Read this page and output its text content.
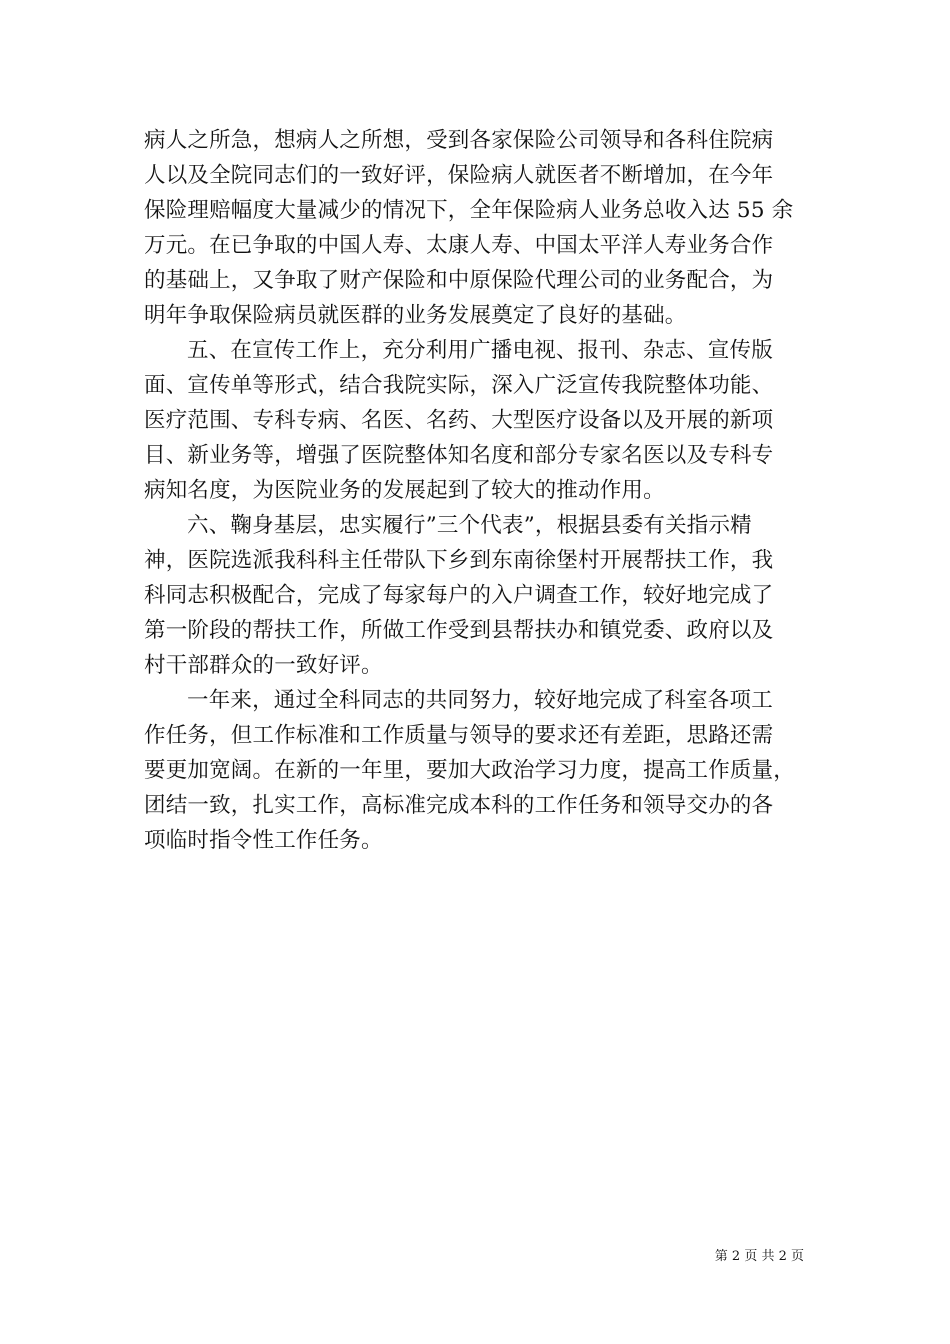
病人之所急，想病人之所想，受到各家保险公司领导和各科住院病
人以及全院同志们的一致好评，保险病人就医者不断增加，在今年
保险理赔幅度大量减少的情况下，全年保险病人业务总收入达 55 余
万元。在已争取的中国人寿、太康人寿、中国太平洋人寿业务合作
的基础上，又争取了财产保险和中原保险代理公司的业务配合，为
明年争取保险病员就医群的业务发展奠定了良好的基础。
五、在宣传工作上，充分利用广播电视、报刊、杂志、宣传版
面、宣传单等形式，结合我院实际，深入广泛宣传我院整体功能、
医疗范围、专科专病、名医、名药、大型医疗设备以及开展的新项
目、新业务等，增强了医院整体知名度和部分专家名医以及专科专
病知名度，为医院业务的发展起到了较大的推动作用。
六、鞠身基层，忠实履行”三个代表”，根据县委有关指示精
神，医院选派我科科主任带队下乡到东南徐堡村开展帮扶工作，我
科同志积极配合，完成了每家每户的入户调查工作，较好地完成了
第一阶段的帮扶工作，所做工作受到县帮扶办和镇党委、政府以及
村干部群众的一致好评。
一年来，通过全科同志的共同努力，较好地完成了科室各项工
作任务，但工作标准和工作质量与领导的要求还有差距，思路还需
要更加宽阔。在新的一年里，要加大政治学习力度，提高工作质量，
团结一致，扎实工作，高标准完成本科的工作任务和领导交办的各
项临时指令性工作任务。
第 2 页 共 2 页
